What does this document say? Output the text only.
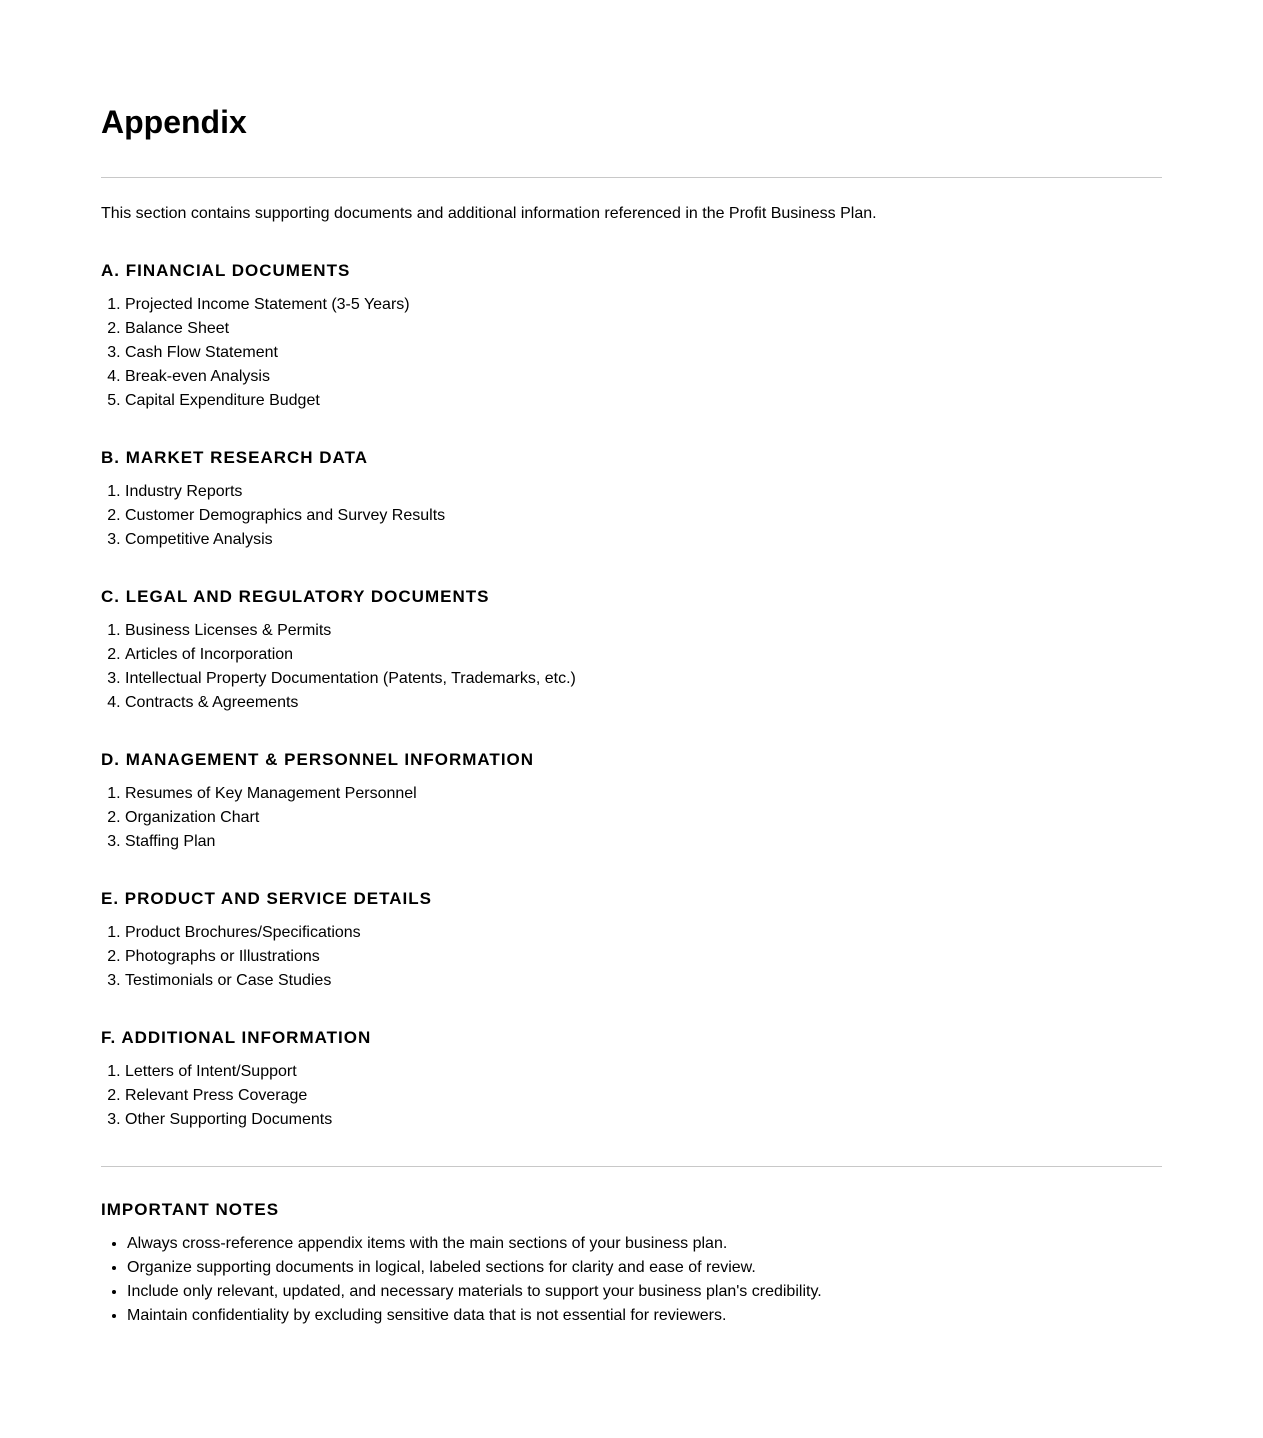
Appendix

This section contains supporting documents and additional information referenced in the Profit Business Plan.

A. FINANCIAL DOCUMENTS
1. Projected Income Statement (3-5 Years)
2. Balance Sheet
3. Cash Flow Statement
4. Break-even Analysis
5. Capital Expenditure Budget
B. MARKET RESEARCH DATA
1. Industry Reports
2. Customer Demographics and Survey Results
3. Competitive Analysis
C. LEGAL AND REGULATORY DOCUMENTS
1. Business Licenses & Permits
2. Articles of Incorporation
3. Intellectual Property Documentation (Patents, Trademarks, etc.)
4. Contracts & Agreements
D. MANAGEMENT & PERSONNEL INFORMATION
1. Resumes of Key Management Personnel
2. Organization Chart
3. Staffing Plan
E. PRODUCT AND SERVICE DETAILS
1. Product Brochures/Specifications
2. Photographs or Illustrations
3. Testimonials or Case Studies
F. ADDITIONAL INFORMATION
1. Letters of Intent/Support
2. Relevant Press Coverage
3. Other Supporting Documents
IMPORTANT NOTES
• Always cross-reference appendix items with the main sections of your business plan.
• Organize supporting documents in logical, labeled sections for clarity and ease of review.
• Include only relevant, updated, and necessary materials to support your business plan's credibility.
• Maintain confidentiality by excluding sensitive data that is not essential for reviewers.
